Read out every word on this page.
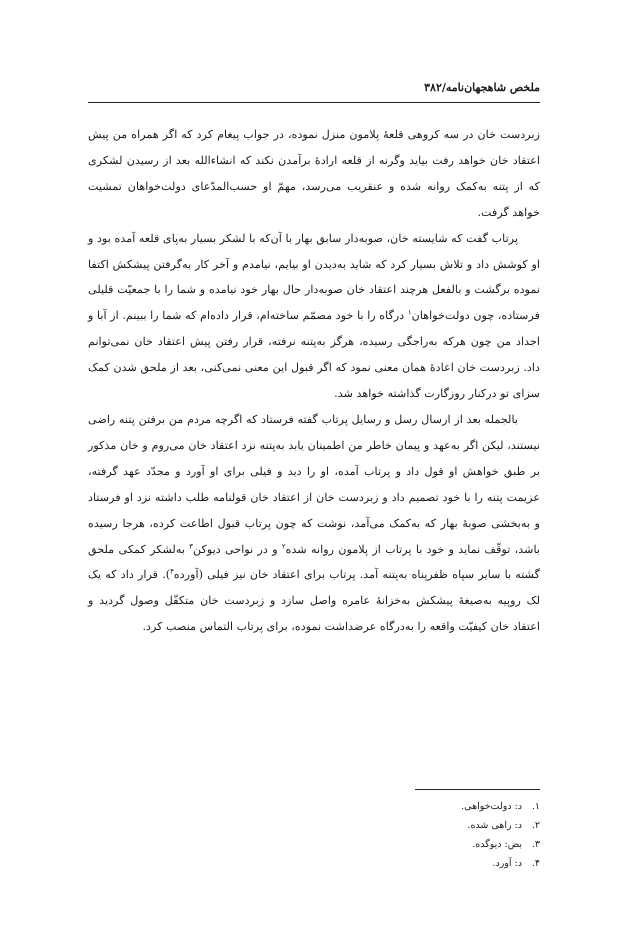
ملخص شاهجهان‌نامه/۳۸۲

زبردست خان در سه کروهی قلعهٔ پلامون منزل نموده، در جواب پیغام کرد که اگر همراه من پیش اعتقاد خان خواهد رفت بیاید وگرنه از قلعه ارادهٔ برآمدن نکند که انشاءالله بعد از رسیدن لشکری که از پتنه به‌کمک روانه شده و عنقریب می‌رسد، مهمّ او حسب‌المدّعای دولت‌خواهان تمشیت خواهد گرفت.

پرتاب گفت که شایسته خان، صوبه‌دار سابق بهار با آن‌که با لشکر بسیار به‌پای قلعه آمده بود و او کوشش داد و تلاش بسیار کرد که شاید به‌دیدن او بیایم، نیامدم و آخر کار به‌گرفتن پیشکش اکتفا نموده برگشت و بالفعل هرچند اعتقاد خان صوبه‌دار حال بهار خود نیامده و شما را با جمعیّت قلیلی فرستاده، چون دولت‌خواهان$^۱$ درگاه را با خود مصمّم ساخته‌ام، قرار داده‌ام که شما را ببینم. از آبا و اجداد من چون هرکه به‌راجگی رسیده، هرگز به‌پتنه نرفته، قرار رفتن پیش اعتقاد خان نمی‌توانم داد. زبردست خان اعادهٔ همان معنی نمود که اگر قبول این معنی نمی‌کنی، بعد از ملحق شدن کمک سزای تو درکنار روزگارت گذاشته خواهد شد.

بالجمله بعد از ارسال رسل و رسایل پرتاب گفته فرستاد که اگرچه مردم من برفتن پتنه راضی نیستند، لیکن اگر به‌عهد و پیمان خاطر من اطمینان یابد به‌پتنه نزد اعتقاد خان می‌روم و خان مذکور بر طبق خواهش او قول داد و پرتاب آمده، او را دید و فیلی برای او آورد و مجدّد عهد گرفته، عزیمت پتنه را با خود تصمیم داد و زبردست خان از اعتقاد خان قولنامه طلب داشته نزد او فرستاد و به‌بخشی صوبهٔ بهار که به‌کمک می‌آمد، نوشت که چون پرتاب قبول اطاعت کرده، هرجا رسیده باشد، توقّف نماید و خود با پرتاب از پلامون روانه شده$^۲$ و در نواحی دیوکن$^۳$ به‌لشکر کمکی ملحق گشته با سایر سپاه ظفرپناه به‌پتنه آمد. پرتاب برای اعتقاد خان نیز فیلی (آورده$^۴$). قرار داد که یک لک روپیه به‌صیغهٔ پیشکش به‌خزانهٔ عامره واصل سازد و زبردست خان متکفّل وصول گردید و اعتقاد خان کیفیّت واقعه را به‌درگاه عرضداشت نموده، برای پرتاب التماس منصب کرد.

۱.
د: دولت‌خواهی.
۲.
د: راهی شده.
۳.
بض: دیوگده.
۴.
د: آورد.
